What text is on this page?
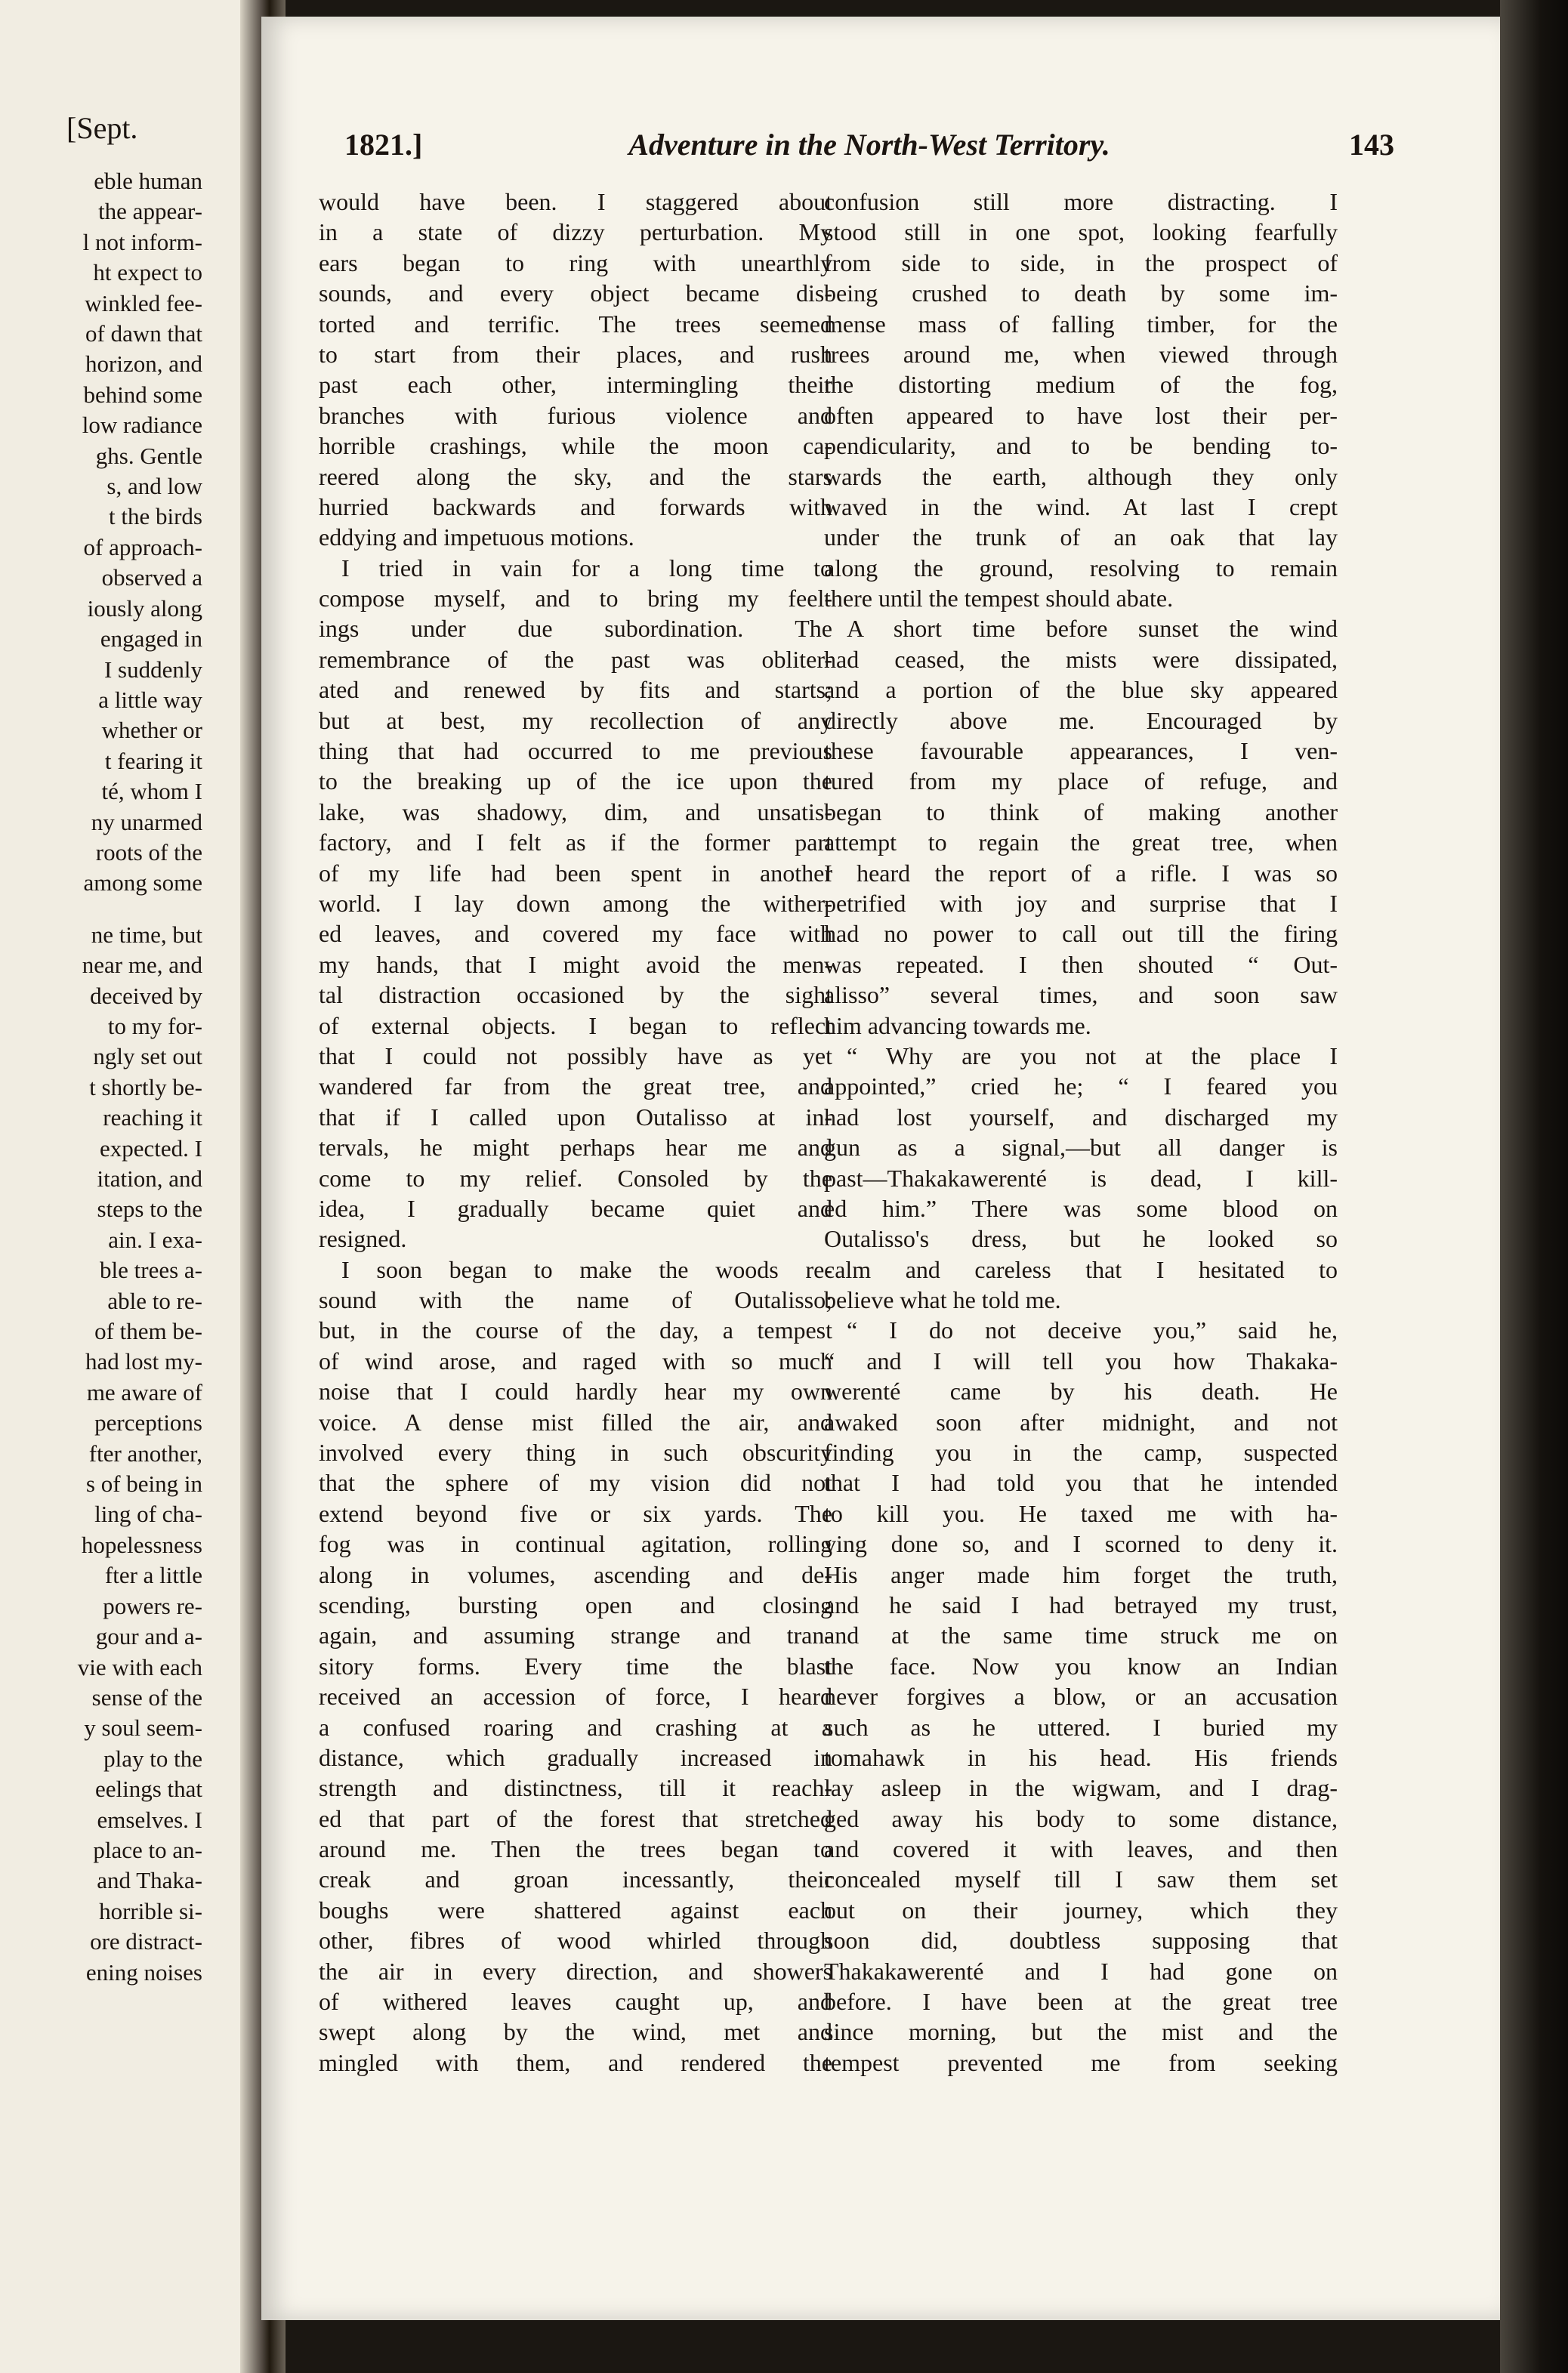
[Sept.
eble human
the appear-
l not inform-
ht expect to
winkled fee-
of dawn that
horizon, and
behind some
low radiance
ghs. Gentle
s, and low
t the birds
of approach-
observed a
iously along
engaged in
I suddenly
a little way
whether or
t fearing it
té, whom I
ny unarmed
roots of the
among some
ne time, but
near me, and
deceived by
to my for-
ngly set out
t shortly be-
reaching it
expected. I
itation, and
steps to the
ain. I exa-
ble trees a-
able to re-
of them be-
had lost my-
me aware of
perceptions
fter another,
s of being in
ling of cha-
hopelessness
fter a little
powers re-
gour and a-
vie with each
sense of the
y soul seem-
play to the
eelings that
emselves. I
place to an-
and Thaka-
horrible si-
ore distract-
ening noises
1821.]	Adventure in the North-West Territory.	143
would have been. I staggered about
in a state of dizzy perturbation. My
ears began to ring with unearthly
sounds, and every object became dis-
torted and terrific. The trees seemed
to start from their places, and rush
past each other, intermingling their
branches with furious violence and
horrible crashings, while the moon ca-
reered along the sky, and the stars
hurried backwards and forwards with
eddying and impetuous motions.
I tried in vain for a long time to
compose myself, and to bring my feel-
ings under due subordination. The
remembrance of the past was obliter-
ated and renewed by fits and starts;
but at best, my recollection of any
thing that had occurred to me previous
to the breaking up of the ice upon the
lake, was shadowy, dim, and unsatis-
factory, and I felt as if the former part
of my life had been spent in another
world. I lay down among the wither-
ed leaves, and covered my face with
my hands, that I might avoid the men-
tal distraction occasioned by the sight
of external objects. I began to reflect
that I could not possibly have as yet
wandered far from the great tree, and
that if I called upon Outalisso at in-
tervals, he might perhaps hear me and
come to my relief. Consoled by the
idea, I gradually became quiet and
resigned.
I soon began to make the woods re-
sound with the name of Outalisso;
but, in the course of the day, a tempest
of wind arose, and raged with so much
noise that I could hardly hear my own
voice. A dense mist filled the air, and
involved every thing in such obscurity
that the sphere of my vision did not
extend beyond five or six yards. The
fog was in continual agitation, rolling
along in volumes, ascending and de-
scending, bursting open and closing
again, and assuming strange and tran-
sitory forms. Every time the blast
received an accession of force, I heard
a confused roaring and crashing at a
distance, which gradually increased in
strength and distinctness, till it reach-
ed that part of the forest that stretched
around me. Then the trees began to
creak and groan incessantly, their
boughs were shattered against each
other, fibres of wood whirled through
the air in every direction, and showers
of withered leaves caught up, and
swept along by the wind, met and
mingled with them, and rendered the
confusion still more distracting. I
stood still in one spot, looking fearfully
from side to side, in the prospect of
being crushed to death by some im-
mense mass of falling timber, for the
trees around me, when viewed through
the distorting medium of the fog,
often appeared to have lost their per-
pendicularity, and to be bending to-
wards the earth, although they only
waved in the wind. At last I crept
under the trunk of an oak that lay
along the ground, resolving to remain
there until the tempest should abate.
A short time before sunset the wind
had ceased, the mists were dissipated,
and a portion of the blue sky appeared
directly above me. Encouraged by
these favourable appearances, I ven-
tured from my place of refuge, and
began to think of making another
attempt to regain the great tree, when
I heard the report of a rifle. I was so
petrified with joy and surprise that I
had no power to call out till the firing
was repeated. I then shouted “ Out-
alisso” several times, and soon saw
him advancing towards me.
“ Why are you not at the place I
appointed,” cried he; “ I feared you
had lost yourself, and discharged my
gun as a signal,—but all danger is
past—Thakakawerenté is dead, I kill-
ed him.” There was some blood on
Outalisso's dress, but he looked so
calm and careless that I hesitated to
believe what he told me.
“ I do not deceive you,” said he,
“ and I will tell you how Thakaka-
werenté came by his death. He
awaked soon after midnight, and not
finding you in the camp, suspected
that I had told you that he intended
to kill you. He taxed me with ha-
ving done so, and I scorned to deny it.
His anger made him forget the truth,
and he said I had betrayed my trust,
and at the same time struck me on
the face. Now you know an Indian
never forgives a blow, or an accusation
such as he uttered. I buried my
tomahawk in his head. His friends
lay asleep in the wigwam, and I drag-
ged away his body to some distance,
and covered it with leaves, and then
concealed myself till I saw them set
out on their journey, which they
soon did, doubtless supposing that
Thakakawerenté and I had gone on
before. I have been at the great tree
since morning, but the mist and the
tempest prevented me from seeking
